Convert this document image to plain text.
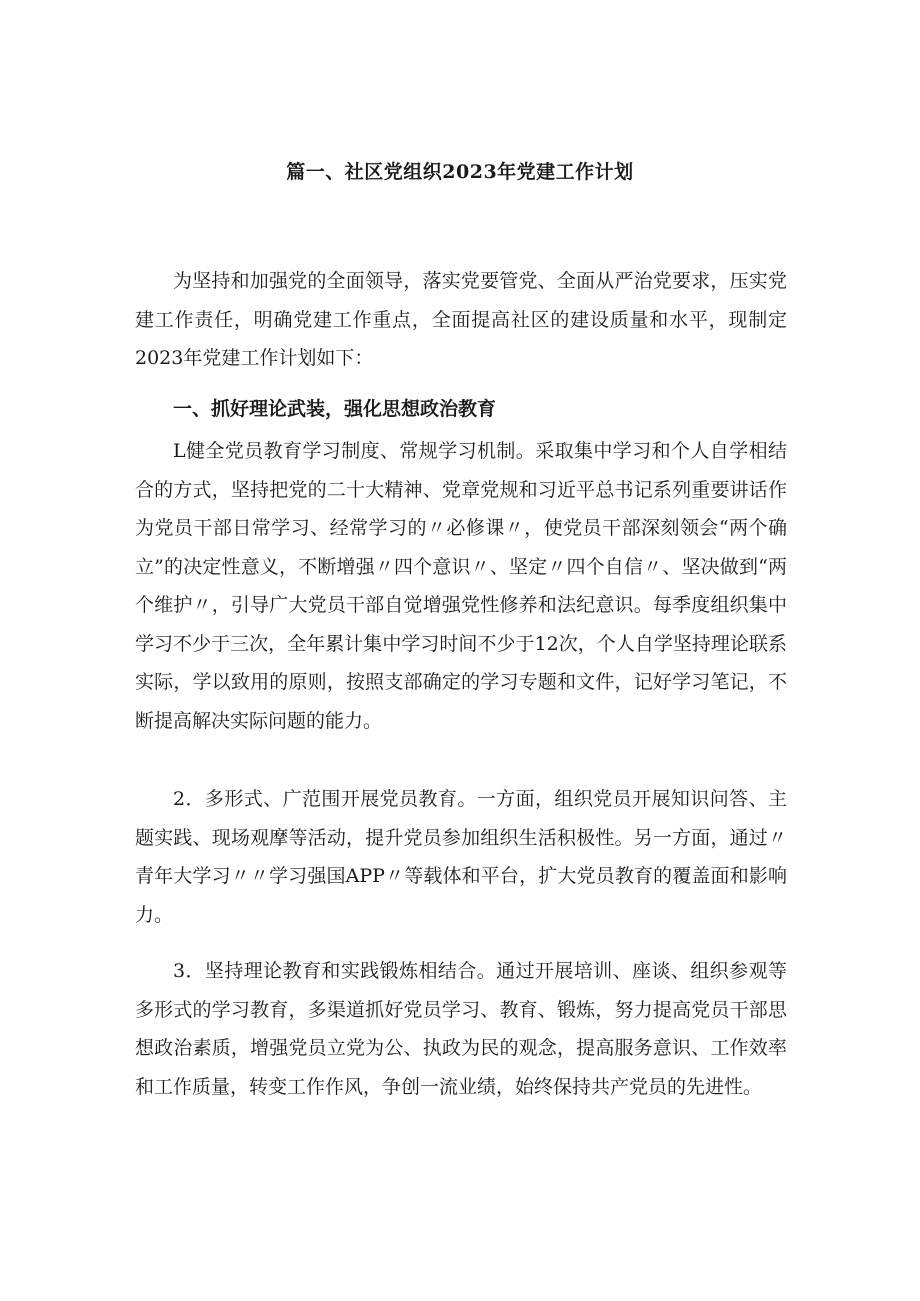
篇一、社区党组织2023年党建工作计划

为坚持和加强党的全面领导，落实党要管党、全面从严治党要求，压实党建工作责任，明确党建工作重点，全面提高社区的建设质量和水平，现制定2023年党建工作计划如下：

一、抓好理论武装，强化思想政治教育

L健全党员教育学习制度、常规学习机制。采取集中学习和个人自学相结合的方式，坚持把党的二十大精神、党章党规和习近平总书记系列重要讲话作为党员干部日常学习、经常学习的〃必修课〃，使党员干部深刻领会“两个确立”的决定性意义，不断增强〃四个意识〃、坚定〃四个自信〃、坚决做到“两个维护〃，引导广大党员干部自觉增强党性修养和法纪意识。每季度组织集中学习不少于三次，全年累计集中学习时间不少于12次，个人自学坚持理论联系实际，学以致用的原则，按照支部确定的学习专题和文件，记好学习笔记，不断提高解决实际问题的能力。

2．多形式、广范围开展党员教育。一方面，组织党员开展知识问答、主题实践、现场观摩等活动，提升党员参加组织生活积极性。另一方面，通过〃青年大学习〃〃学习强国APP〃等载体和平台，扩大党员教育的覆盖面和影响力。

3．坚持理论教育和实践锻炼相结合。通过开展培训、座谈、组织参观等多形式的学习教育，多渠道抓好党员学习、教育、锻炼，努力提高党员干部思想政治素质，增强党员立党为公、执政为民的观念，提高服务意识、工作效率和工作质量，转变工作作风，争创一流业绩，始终保持共产党员的先进性。
